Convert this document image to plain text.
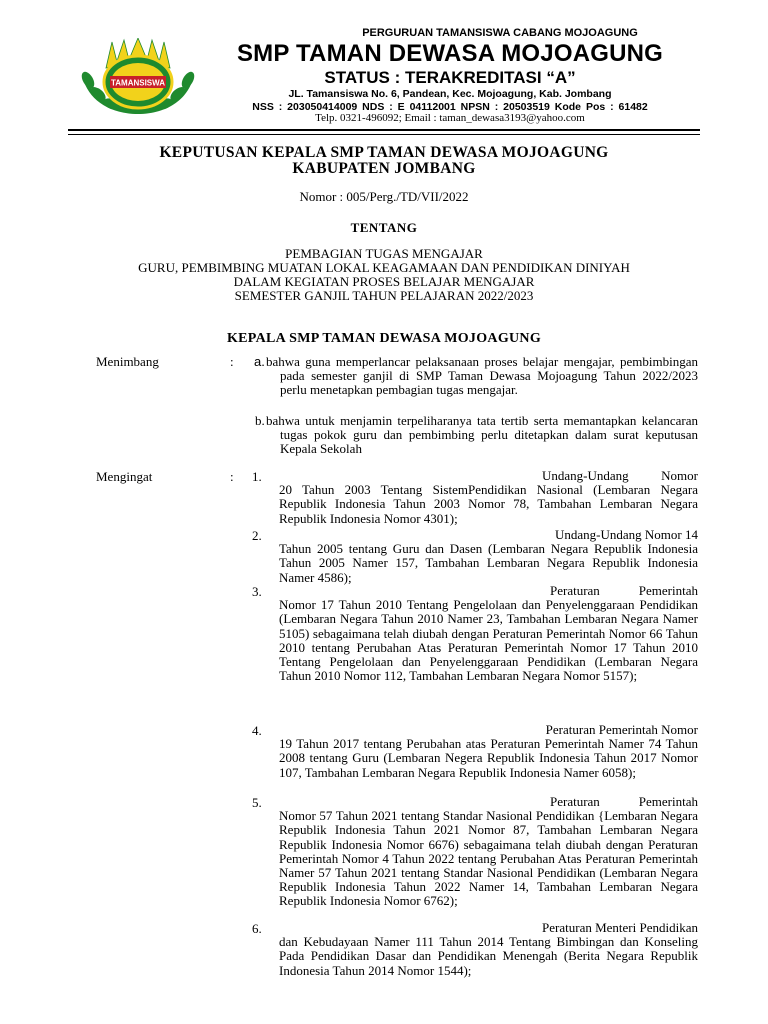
TAMANSISWA
PERGURUAN TAMANSISWA CABANG MOJOAGUNG
SMP TAMAN DEWASA MOJOAGUNG
STATUS : TERAKREDITASI “A”
JL. Tamansiswa No. 6, Pandean, Kec. Mojoagung, Kab. Jombang
NSS : 203050414009 NDS : E 04112001 NPSN : 20503519 Kode Pos : 61482
Telp. 0321-496092; Email : taman_dewasa3193@yahoo.com
KEPUTUSAN KEPALA SMP TAMAN DEWASA MOJOAGUNG
KABUPATEN JOMBANG
Nomor : 005/Perg./TD/VII/2022
TENTANG
PEMBAGIAN TUGAS MENGAJAR
GURU, PEMBIMBING MUATAN LOKAL KEAGAMAAN DAN PENDIDIKAN DINIYAH
DALAM KEGIATAN PROSES BELAJAR MENGAJAR
SEMESTER GANJIL TAHUN PELAJARAN 2022/2023
KEPALA SMP TAMAN DEWASA MOJOAGUNG
Menimbang	: a. bahwa guna memperlancar pelaksanaan proses belajar mengajar, pembimbingan pada semester ganjil di SMP Taman Dewasa Mojoagung Tahun 2022/2023 perlu menetapkan pembagian tugas mengajar.
b. bahwa untuk menjamin terpeliharanya tata tertib serta memantapkan kelancaran tugas pokok guru dan pembimbing perlu ditetapkan dalam surat keputusan Kepala Sekolah
Mengingat	: 1.	Undang-Undang          Nomor
20 Tahun 2003 Tentang SistemPendidikan Nasional (Lembaran Negara Republik Indonesia Tahun 2003 Nomor 78, Tambahan Lembaran Negara Republik Indonesia Nomor 4301);
2.	Undang-Undang Nomor 14
Tahun 2005 tentang Guru dan Dasen (Lembaran Negara Republik Indonesia Tahun 2005 Namer 157, Tambahan Lembaran Negara Republik Indonesia Namer 4586);
3.	Peraturan            Pemerintah
Nomor 17 Tahun 2010 Tentang Pengelolaan dan Penyelenggaraan Pendidikan (Lembaran Negara Tahun 2010 Namer 23, Tambahan Lembaran Negara Namer 5105) sebagaimana telah diubah dengan Peraturan Pemerintah Nomor 66 Tahun 2010 tentang Perubahan Atas Peraturan Pemerintah Nomor 17 Tahun 2010 Tentang Pengelolaan dan Penyelenggaraan Pendidikan (Lembaran Negara Tahun 2010 Nomor 112, Tambahan Lembaran Negara Nomor 5157);
4.	Peraturan Pemerintah Nomor
19 Tahun 2017 tentang Perubahan atas Peraturan Pemerintah Namer 74 Tahun 2008 tentang Guru (Lembaran Negera Republik Indonesia Tahun 2017 Nomor 107, Tambahan Lembaran Negara Republik Indonesia Namer 6058);
5.	Peraturan            Pemerintah
Nomor 57 Tahun 2021 tentang Standar Nasional Pendidikan {Lembaran Negara Republik Indonesia Tahun 2021 Nomor 87, Tambahan Lembaran Negara Republik Indonesia Nomor 6676) sebagaimana telah diubah dengan Peraturan Pemerintah Nomor 4 Tahun 2022 tentang Perubahan Atas Peraturan Pemerintah Namer 57 Tahun 2021 tentang Standar Nasional Pendidikan (Lembaran Negara Republik Indonesia Tahun 2022 Namer 14, Tambahan Lembaran Negara Republik Indonesia Nomor 6762);
6.	Peraturan Menteri Pendidikan
dan Kebudayaan Namer 111 Tahun 2014 Tentang Bimbingan dan Konseling Pada Pendidikan Dasar dan Pendidikan Menengah (Berita Negara Republik Indonesia Tahun 2014 Nomor 1544);
